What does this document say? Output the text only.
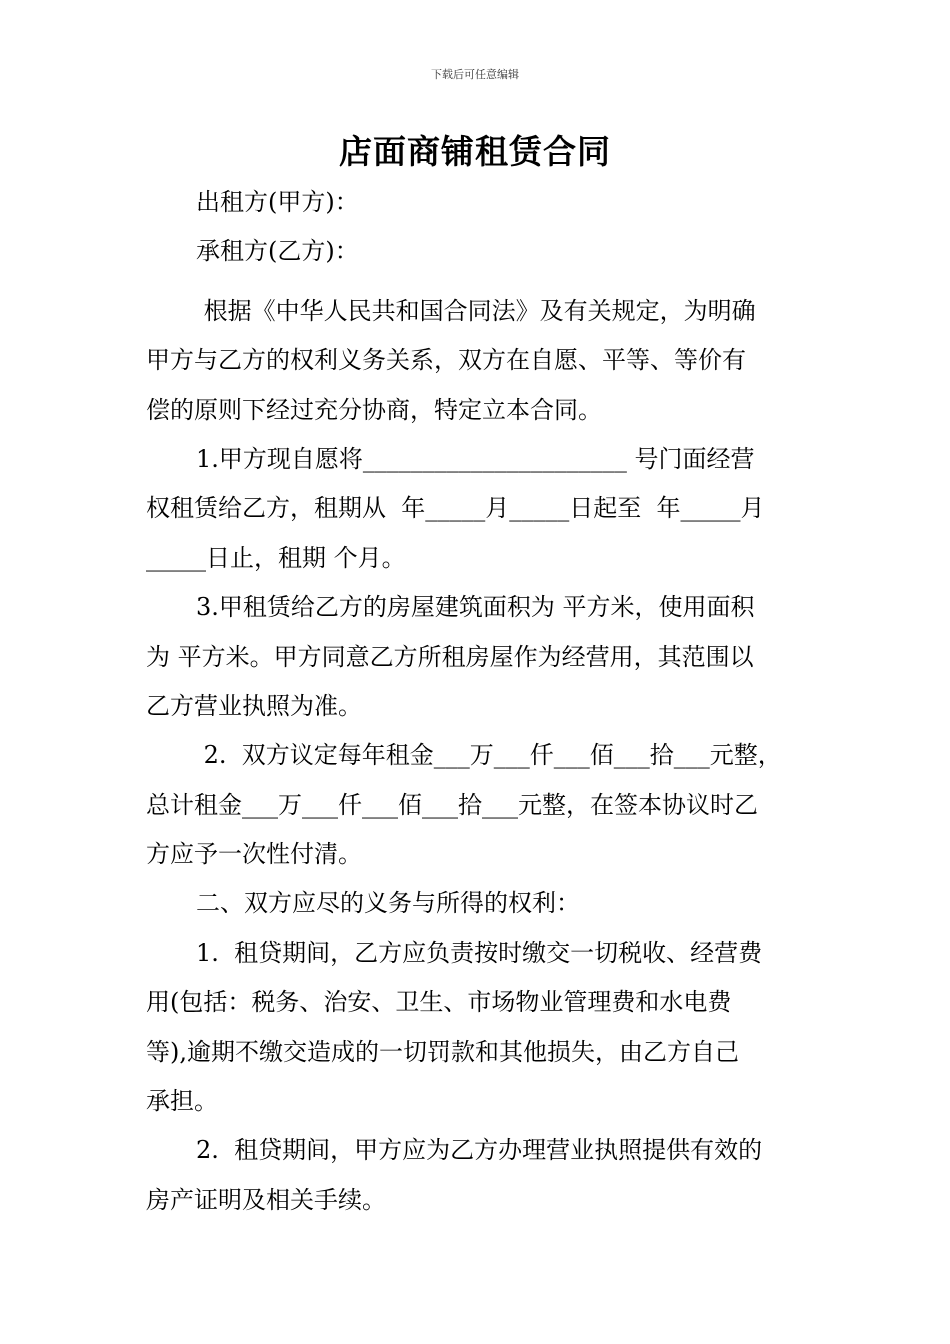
下载后可任意编辑
店面商铺租赁合同
出租方(甲方)：
承租方(乙方)：
根据《中华人民共和国合同法》及有关规定，为明确
甲方与乙方的权利义务关系，双方在自愿、平等、等价有
偿的原则下经过充分协商，特定立本合同。
1.甲方现自愿将______________________ 号门面经营
权租赁给乙方，租期从  年_____月_____日起至  年_____月
_____日止，租期 个月。
3.甲租赁给乙方的房屋建筑面积为 平方米，使用面积
为 平方米。甲方同意乙方所租房屋作为经营用，其范围以
乙方营业执照为准。
2.  双方议定每年租金___万___仟___佰___拾___元整，
总计租金___万___仟___佰___拾___元整，在签本协议时乙
方应予一次性付清。
二、双方应尽的义务与所得的权利：
1.  租贷期间，乙方应负责按时缴交一切税收、经营费
用(包括：税务、治安、卫生、市场物业管理费和水电费
等),逾期不缴交造成的一切罚款和其他损失，由乙方自己
承担。
2.  租贷期间，甲方应为乙方办理营业执照提供有效的
房产证明及相关手续。
